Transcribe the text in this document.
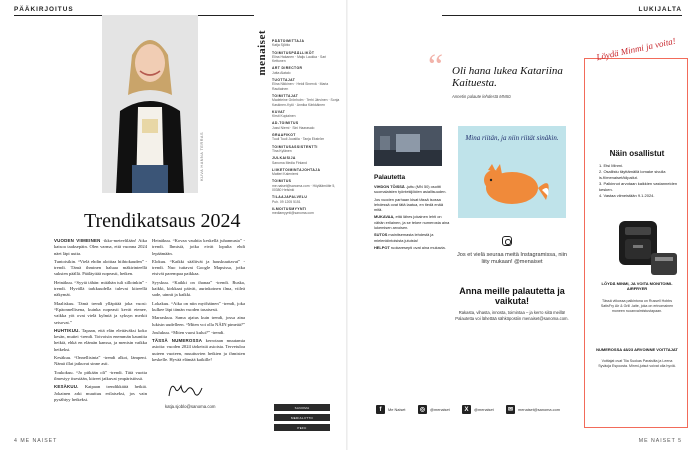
PÄÄKIRJOITUS
KUVA HANNA TERRAS
Trendikatsaus 2024

VUODEN VIIMEINEN ·ikko-meteelilään! Aika katsoa taaksepäin. Olen varma, että vuonna 2024 näet läpi uutta.

Tuntoisikin. “Vielä ehdin aloittaa hiihtokauden” -trendi. Tämä ihminen haluaa mäkirinteellä suksien päällä. Pääläyttää nopeasti, hetken.

Heinäkuu. “Syytä tähän: mitähän tuli silloinkin” -trendi. Hyvällä tarkkuudella tulevat kiireellä näkymät.

Maaliskuu. Tämä trendi ylläpitää joka vuosi: “Epäonnellisena, kuinka nopeasti kevät etenee, vaikka yöt ovat vielä kylmiä ja syksyn merkit seisovat.”

HUHTIKUU. Tapaan, että elän elettäväksi koko kesän, muttei -trendi. Toivoisin enemmän kauniita hetkiä, ehkä en elämän kanssa, ja menisin vaikka hetkeksi.

Kesäkuu. “Onnellisinta” -trendi alkoi, lämpeni. Nämä illat jatkuvat sinne asti.

Toukokuu. “Jo pitkään oli” -trendi. Tätä vuotta ilmestyy itsestään, kiireet jatkuvat ympäristössä.

KESÄKUU. Kaipaan trendikkäitä hetkiä. Jokainen arki muuttuu erilaiseksi, jos vain pysähtyy hetkeksi.

Heinäkuu. “Kovaa vauhtia keskellä juhannusta” -trendi. Ihmisiä, jotka eivät lopulta ehdi lepäämään.

Elokuu. “Kaikki sääliivät ja hauskuuttavat” -trendi. Nuo tuttavat Google Mapsissa, jotka etsivät parempaa paikkaa.

Syyskuu. “Kaikki on ihanaa” -trendi. Ruska, kaikki, kirkkaat päivät, aurinkoinen ilma, viileä sade, uinnit ja kaikki.

Lokakuu. “Aika on niin myöhäinen” -trendi, joka kulkee läpi tämän vuoden tasaisesti.

Marraskuu. Sama ajatus kuin trendi, jossa aina lukisin uudelleen. “Miten voi olla NÄIN pimeää?”

Joulukuu. “Miten vuosi kului?” -trendi.

TÄSSÄ NUMEROSSA kerrotaan muutamia asioita: vuoden 2024 tärkeistä asioista. Tervetuloa uuteen vuoteen, muuttuvien hetkien ja ihmisten keskelle. Hyvää elämää kaikille!

katja.sjoblo@sanoma.com
4 ME NAISET
menaiset PÄÄTOIMITTAJA
Katja Sjöblo
TOIMITUSPÄÄLLIKÖT
Elina Hakanen · Maiju Laukka · Sari Kettunen
ART DIRECTOR
Jutta Alatalo
TUOTTAJAT
Elina Nikkinen · Heidi Sinervä · Maria Rautiainen
TOIMITTAJAT
Madeleine Grönholm · Terhi Järvinen · Sonja Kaskinen-Kytö · Annika Kärkkäinen
KUVAT
Kirsti Kupiainen
AD-TOIMITUS
Jussi Niemi · Sini Haarasalo
GRAAFIKOT
Tuuli Tuuli Juustila · Tanja Ekström
TOIMITUSASSISTENTTI
Tina Kylänen
JULKAISIJA
Sanoma Media Finland
LIIKETOIMINTAJOHTAJA
Matteri Kaleniemi
TOIMITUS
me.naiset@sanoma.com · Höyläämötie 5, 00380 Helsinki
TILAAJAPALVELU
Puh. 09 1205 5151
ILMOITUSMYYNTI
mediamyynti@sanoma.com
SANOMA
MEDIALIITTO
PEFC
LUKIJALTA
“ Oli hana lukea Katariina Kaituesta.
Annetin palaute lehdestä MN50.
Palautetta

VIHDON TÖISSÄ -juttu (MN 50) osoitti suomalaisten työntekijöiden asiallisuuden.

Jos vuoden parhaan kisat tässä isossa lehdessä ovat tätä laatua, en tiedä enää mitä.

MUKAVAA, että lähes jokainen lehti on vähän erilainen, ja se tekee numerosta aina lukemisen arvoisen.

SUTOS mainitsemasta lehdestä ja mielenkiintoisista jutuista!

HELPOT ruokaresepti ovat aina mukavia.

Mina riitän, ja niin riität sinäkin.
Jos et vielä seuraa meitä Instagramissa, niin liity mukaan! @menaiset
Anna meille palautetta ja vaikuta!
Rakasta, vihasta, innosta, toimintaa – ja kerro siitä meillä! Palautetta voi lähettää sähköpostiin menaiset@sanoma.com.
f	Me Naiset	◎	@menaiset	X	@menaiset	✉	menaiset@sanoma.com
ME NAISET 5
Näin osallistut
1. Etsi Minmi.
2. Osallistu täyttämällä lomake sivulla is.fi/menaiset/kilpailut.
3. Palkinnot arvotaan kaikkien vastanneiden kesken.
4. Vastaa viimeistään 9.1.2024.
LÖYDÄ MINMI, JA VOITA MONITOIMI-AIRFRYER
Tässä viikossa palkintona on Russell Hobbs SatisFry Air & Grill -laite, joka on erinomainen moneen ruoanvalmistustapaan.
NUMEROSSA 48/23 ARVOINNE VOITTAJAT
Voittajat ovat Tiia Suokas Paraisilta ja Leena Syväoja Espoosta. Minmi-jutsut voivat olla hyviä.
Löydä Minmi ja voita!
